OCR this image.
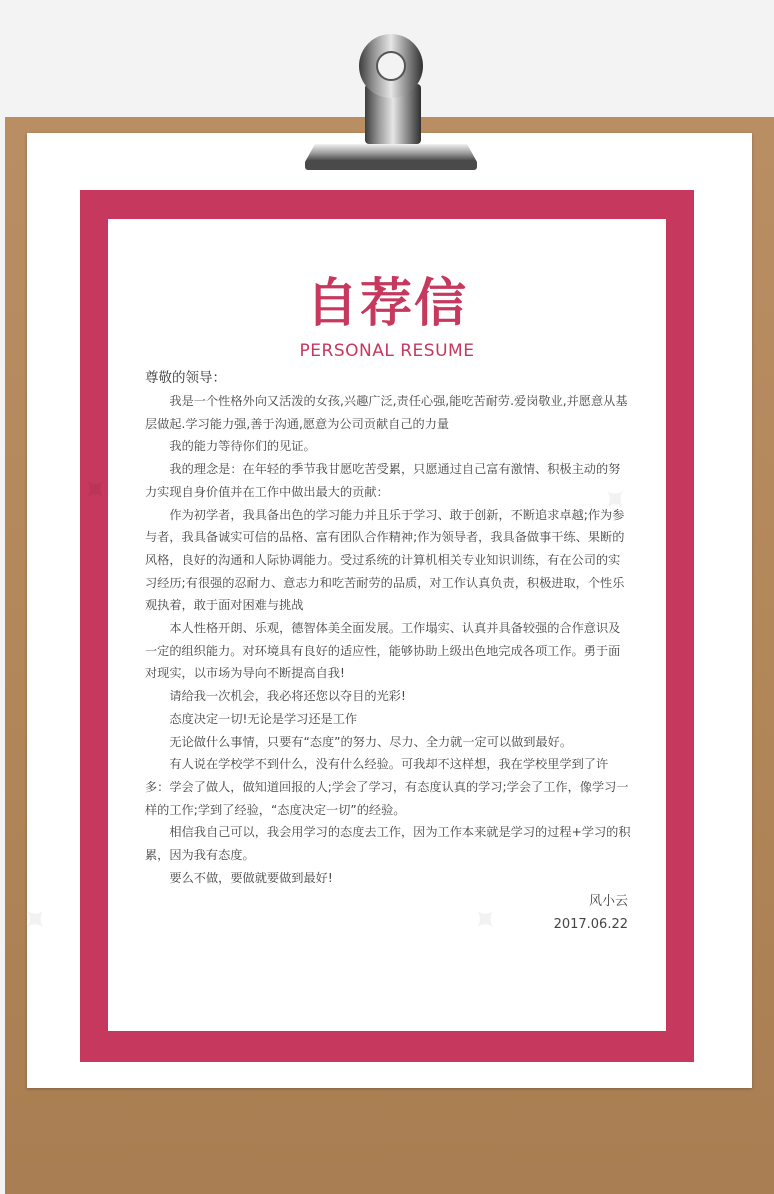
自荐信
PERSONAL RESUME
尊敬的领导：

我是一个性格外向又活泼的女孩,兴趣广泛,责任心强,能吃苦耐劳.爱岗敬业,并愿意从基层做起.学习能力强,善于沟通,愿意为公司贡献自己的力量

我的能力等待你们的见证。

我的理念是：在年轻的季节我甘愿吃苦受累，只愿通过自己富有激情、积极主动的努力实现自身价值并在工作中做出最大的贡献：

作为初学者，我具备出色的学习能力并且乐于学习、敢于创新，不断追求卓越;作为参与者，我具备诚实可信的品格、富有团队合作精神;作为领导者，我具备做事干练、果断的风格，良好的沟通和人际协调能力。受过系统的计算机相关专业知识训练，有在公司的实习经历;有很强的忍耐力、意志力和吃苦耐劳的品质，对工作认真负责，积极进取，个性乐观执着，敢于面对困难与挑战

本人性格开朗、乐观，德智体美全面发展。工作塌实、认真并具备较强的合作意识及一定的组织能力。对环境具有良好的适应性，能够协助上级出色地完成各项工作。勇于面对现实，以市场为导向不断提高自我!

请给我一次机会，我必将还您以夺目的光彩!

态度决定一切!无论是学习还是工作

无论做什么事情，只要有“态度”的努力、尽力、全力就一定可以做到最好。

有人说在学校学不到什么，没有什么经验。可我却不这样想，我在学校里学到了许多：学会了做人，做知道回报的人;学会了学习，有态度认真的学习;学会了工作，像学习一样的工作;学到了经验，“态度决定一切”的经验。

相信我自己可以，我会用学习的态度去工作，因为工作本来就是学习的过程+学习的积累，因为我有态度。

要么不做，要做就要做到最好!

风小云
2017.06.22
